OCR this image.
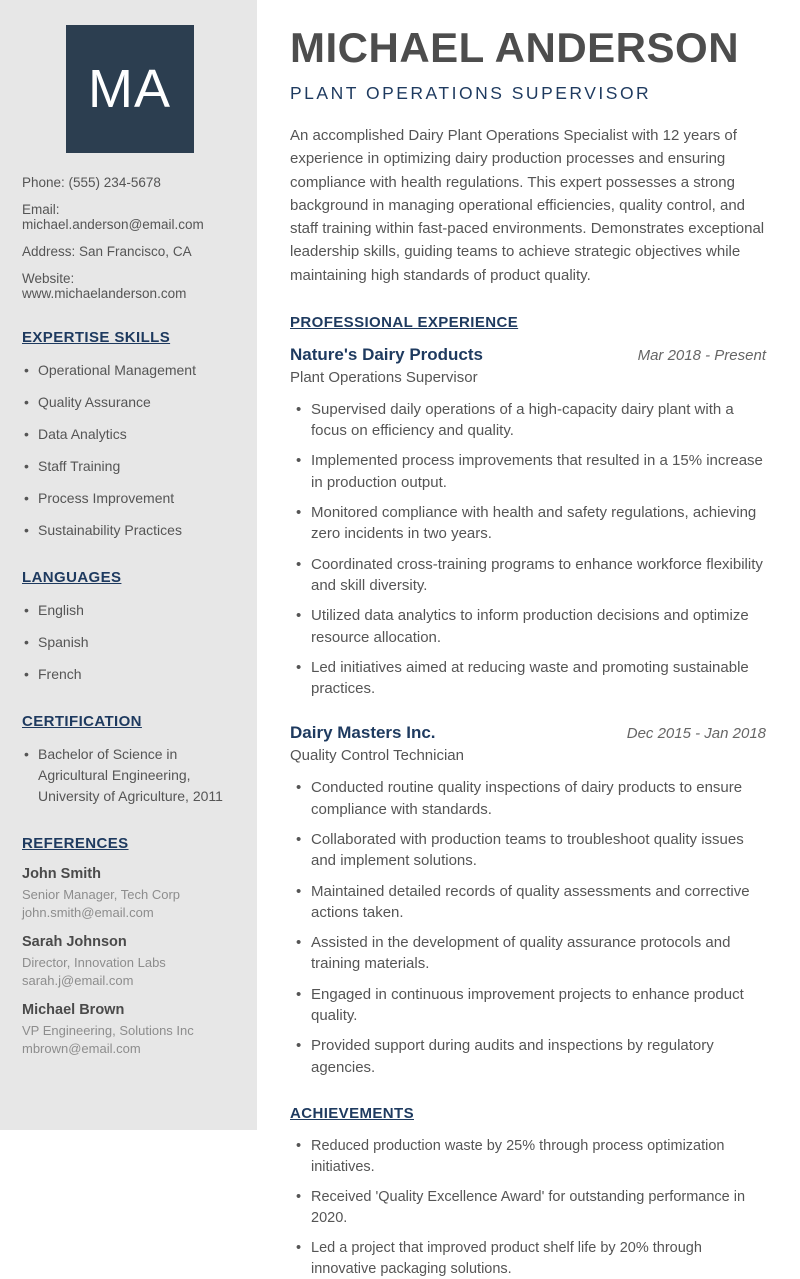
MA

Phone: (555) 234-5678

Email: michael.anderson@email.com

Address: San Francisco, CA

Website: www.michaelanderson.com

EXPERTISE SKILLS
• Operational Management
• Quality Assurance
• Data Analytics
• Staff Training
• Process Improvement
• Sustainability Practices
LANGUAGES
• English
• Spanish
• French
CERTIFICATION
• Bachelor of Science in Agricultural Engineering, University of Agriculture, 2011
REFERENCES

John Smith

Senior Manager, Tech Corp

john.smith@email.com

Sarah Johnson

Director, Innovation Labs

sarah.j@email.com

Michael Brown

VP Engineering, Solutions Inc

mbrown@email.com

MICHAEL ANDERSON
PLANT OPERATIONS SUPERVISOR

An accomplished Dairy Plant Operations Specialist with 12 years of experience in optimizing dairy production processes and ensuring compliance with health regulations. This expert possesses a strong background in managing operational efficiencies, quality control, and staff training within fast-paced environments. Demonstrates exceptional leadership skills, guiding teams to achieve strategic objectives while maintaining high standards of product quality.

PROFESSIONAL EXPERIENCE
Nature's Dairy Products	Mar 2018 - Present
Plant Operations Supervisor
• Supervised daily operations of a high-capacity dairy plant with a focus on efficiency and quality.
• Implemented process improvements that resulted in a 15% increase in production output.
• Monitored compliance with health and safety regulations, achieving zero incidents in two years.
• Coordinated cross-training programs to enhance workforce flexibility and skill diversity.
• Utilized data analytics to inform production decisions and optimize resource allocation.
• Led initiatives aimed at reducing waste and promoting sustainable practices.
Dairy Masters Inc.	Dec 2015 - Jan 2018
Quality Control Technician
• Conducted routine quality inspections of dairy products to ensure compliance with standards.
• Collaborated with production teams to troubleshoot quality issues and implement solutions.
• Maintained detailed records of quality assessments and corrective actions taken.
• Assisted in the development of quality assurance protocols and training materials.
• Engaged in continuous improvement projects to enhance product quality.
• Provided support during audits and inspections by regulatory agencies.
ACHIEVEMENTS
• Reduced production waste by 25% through process optimization initiatives.
• Received 'Quality Excellence Award' for outstanding performance in 2020.
• Led a project that improved product shelf life by 20% through innovative packaging solutions.
